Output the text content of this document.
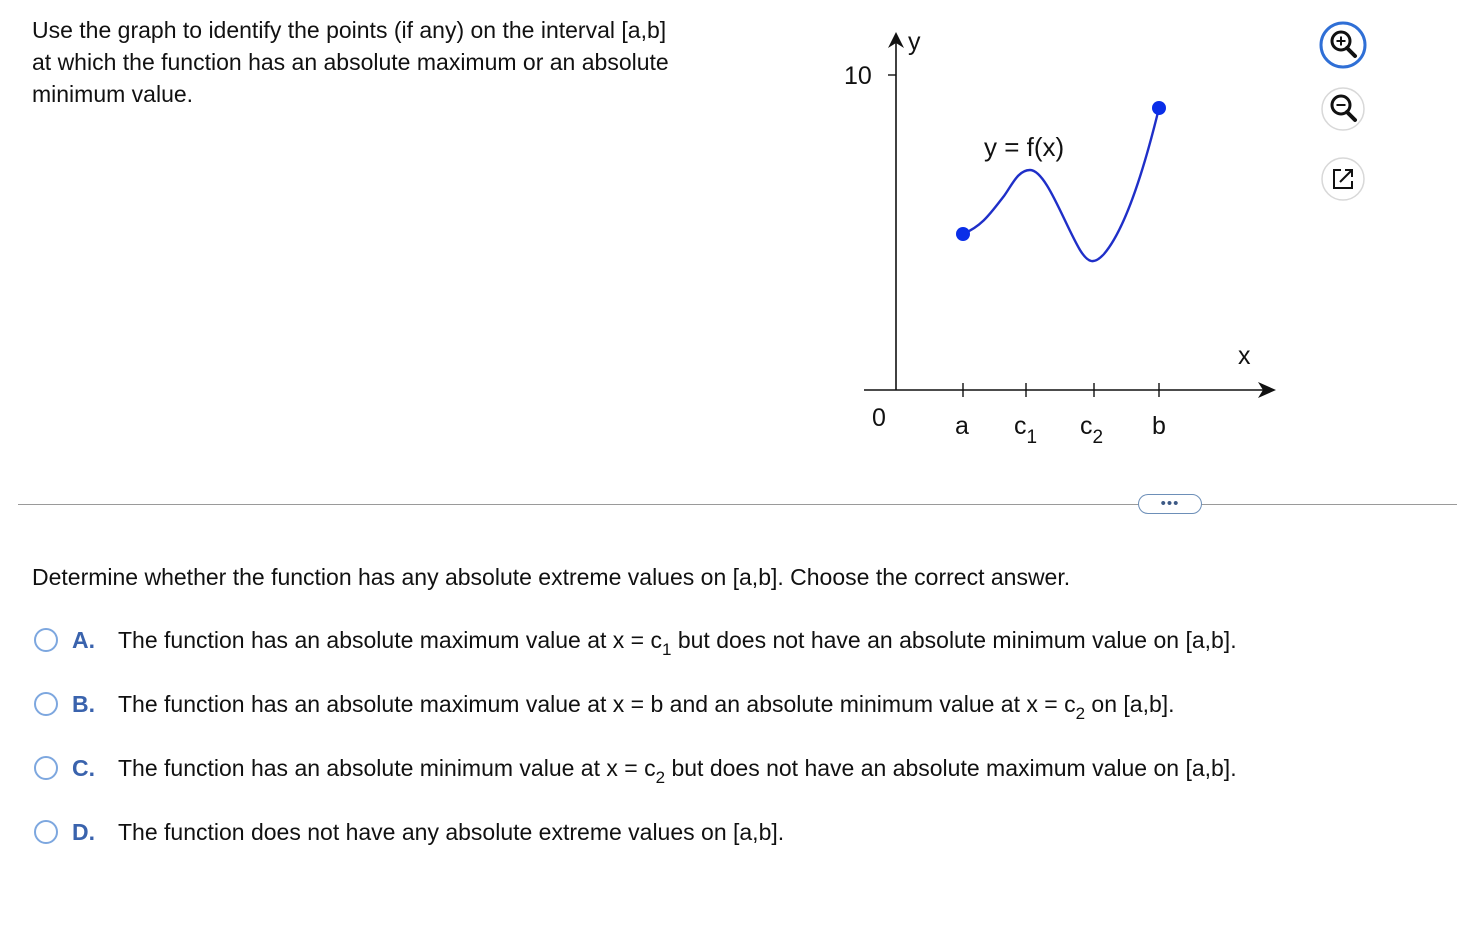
Use the graph to identify the points (if any) on the interval [a,b]
at which the function has an absolute maximum or an absolute
minimum value.

10
y
x
0	a $c_1$ $c_2$ b
y = f(x)
•••

Determine whether the function has any absolute extreme values on [a,b]. Choose the correct answer.

A.	The function has an absolute maximum value at $x = c_1$ but does not have an absolute minimum value on [a,b].
B.	The function has an absolute maximum value at x = b and an absolute minimum value at $x = c_2$ on [a,b].
C.	The function has an absolute minimum value at $x = c_2$ but does not have an absolute maximum value on [a,b].
D.	The function does not have any absolute extreme values on [a,b].
